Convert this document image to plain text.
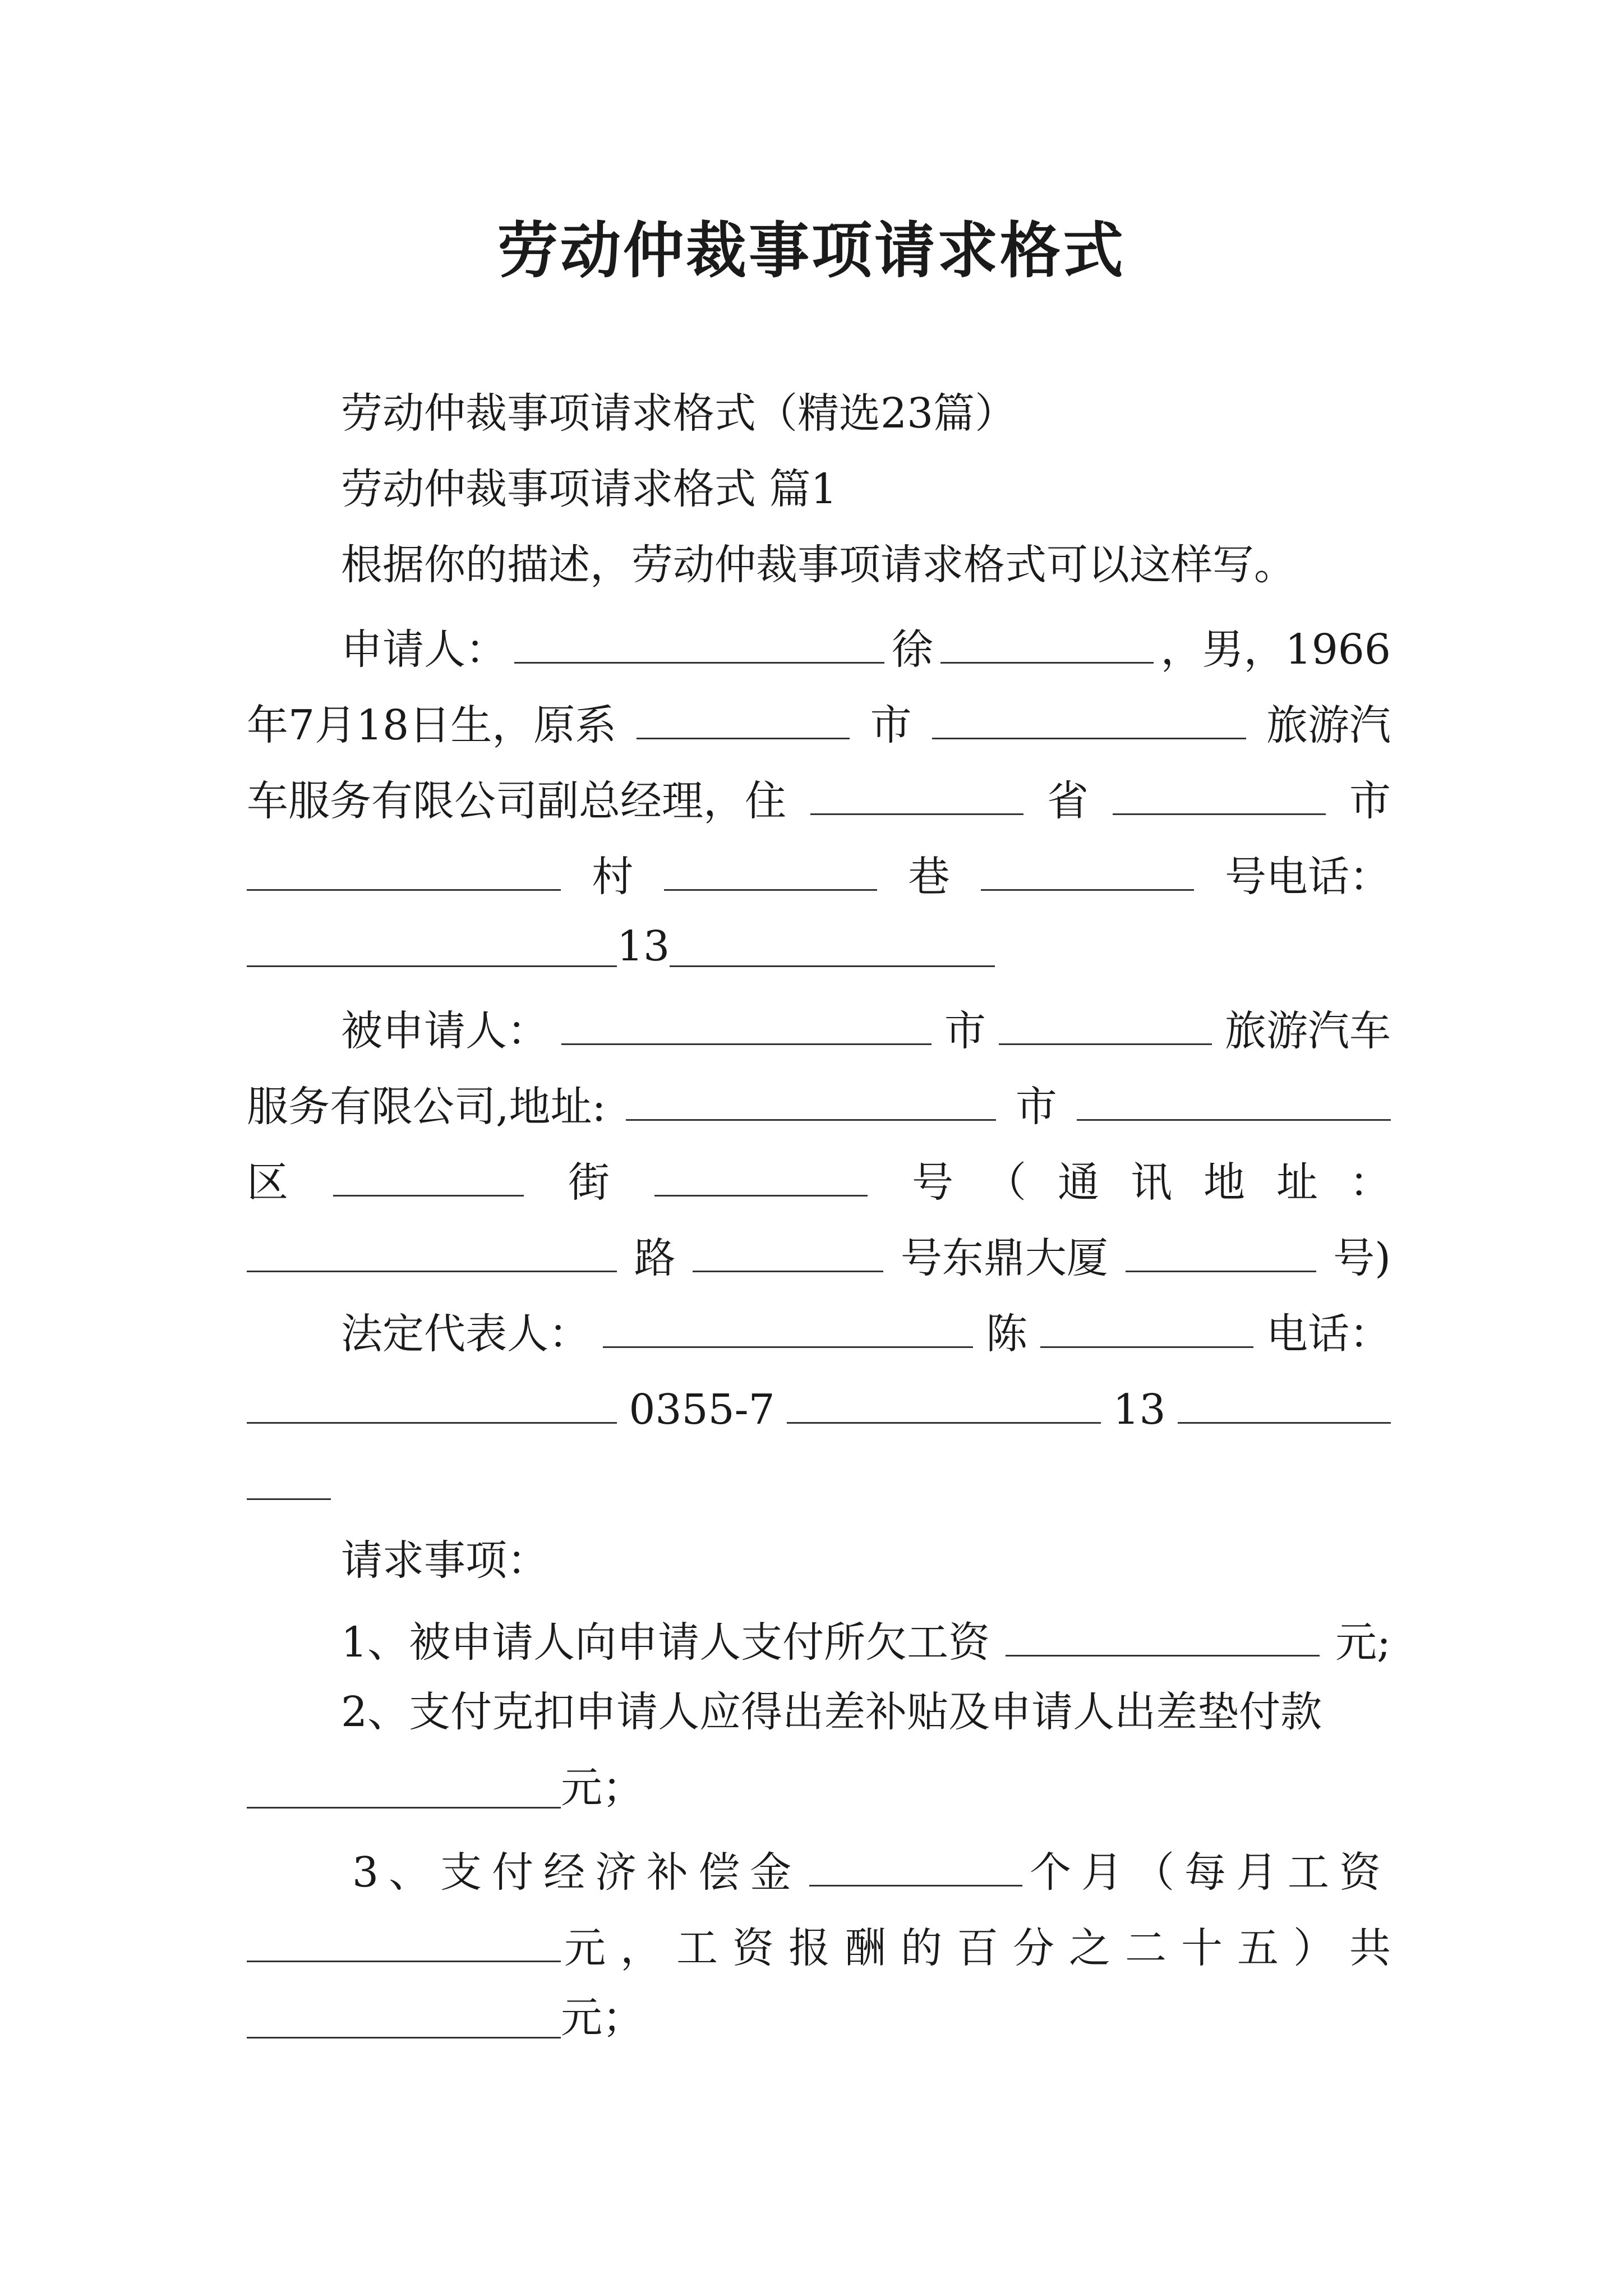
劳动仲裁事项请求格式
劳动仲裁事项请求格式（精选23篇）
劳动仲裁事项请求格式 篇1
根据你的描述，劳动仲裁事项请求格式可以这样写。
申请人：	徐	，男，1966
年7月18日生，原系	市	旅游汽
车服务有限公司副总经理，住	省	市
村	巷	号电话：
13
被申请人：	市	旅游汽车
服务有限公司,地址:	市
区	街	号（通讯地址：
路	号东鼎大厦	号)
法定代表人：	陈	电话：
0355-7	13
请求事项：
1、被申请人向申请人支付所欠工资	元;
2、支付克扣申请人应得出差补贴及申请人出差垫付款
元；
3、支付经济补偿金	个月（每月工资
元，工资报酬的百分之二十五）共
元；
